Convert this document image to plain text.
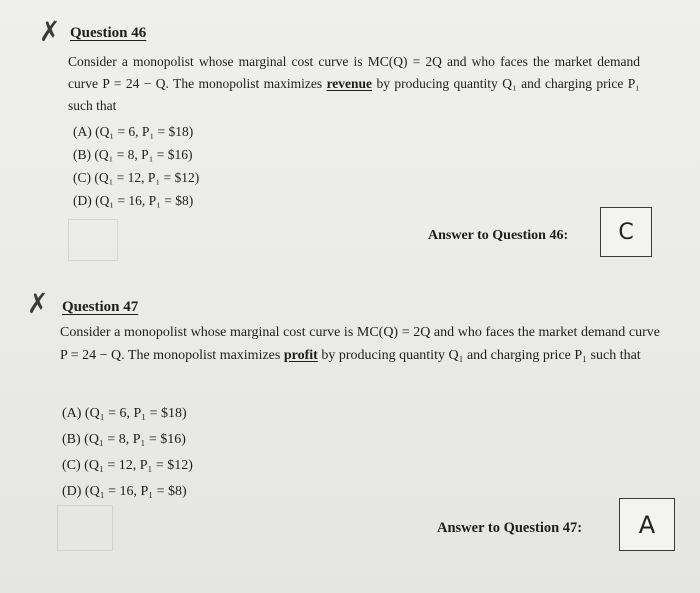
✗ Question 46
Consider a monopolist whose marginal cost curve is MC(Q) = 2Q and who faces the market demand curve P = 24 − Q. The monopolist maximizes revenue by producing quantity Q₁ and charging price P₁ such that
(A) (Q₁ = 6, P₁ = $18)
(B) (Q₁ = 8, P₁ = $16)
(C) (Q₁ = 12, P₁ = $12)
(D) (Q₁ = 16, P₁ = $8)
Answer to Question 46:	C
✗ Question 47
Consider a monopolist whose marginal cost curve is MC(Q) = 2Q and who faces the market demand curve P = 24 − Q. The monopolist maximizes profit by producing quantity Q₁ and charging price P₁ such that
(A) (Q₁ = 6, P₁ = $18)
(B) (Q₁ = 8, P₁ = $16)
(C) (Q₁ = 12, P₁ = $12)
(D) (Q₁ = 16, P₁ = $8)
Answer to Question 47:	A
